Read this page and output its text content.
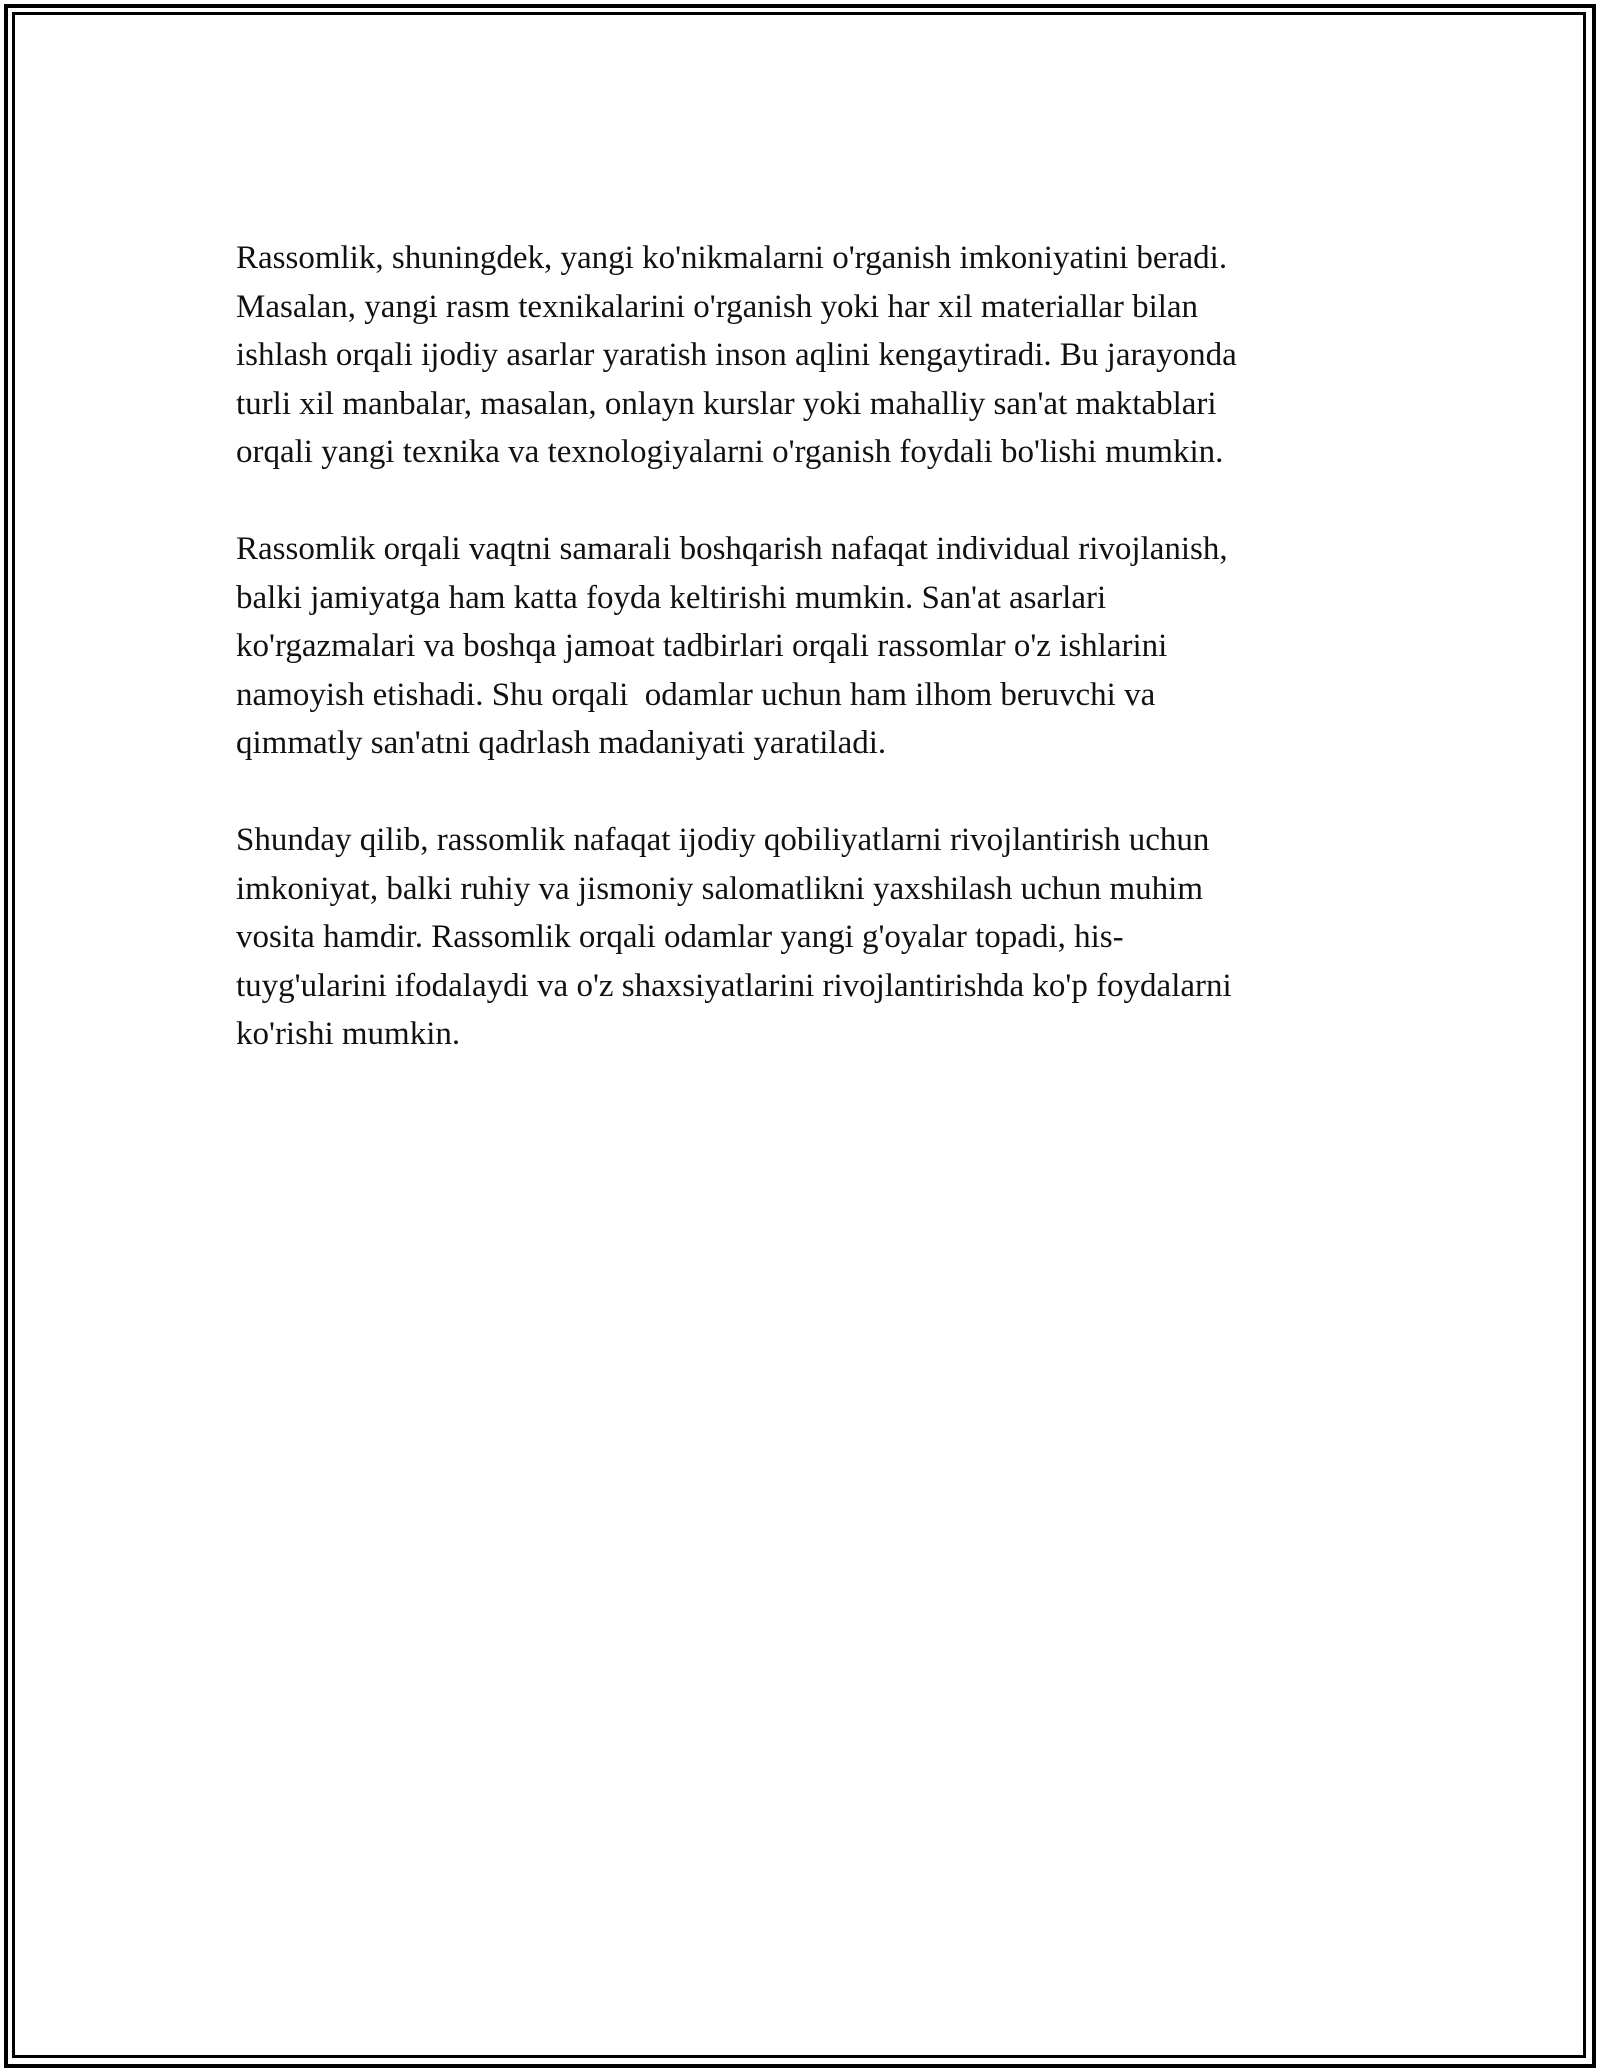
Rassomlik, shuningdek, yangi ko'nikmalarni o'rganish imkoniyatini beradi.
Masalan, yangi rasm texnikalarini o'rganish yoki har xil materiallar bilan
ishlash orqali ijodiy asarlar yaratish inson aqlini kengaytiradi. Bu jarayonda
turli xil manbalar, masalan, onlayn kurslar yoki mahalliy san'at maktablari
orqali yangi texnika va texnologiyalarni o'rganish foydali bo'lishi mumkin.

Rassomlik orqali vaqtni samarali boshqarish nafaqat individual rivojlanish,
balki jamiyatga ham katta foyda keltirishi mumkin. San'at asarlari
ko'rgazmalari va boshqa jamoat tadbirlari orqali rassomlar o'z ishlarini
namoyish etishadi. Shu orqali  odamlar uchun ham ilhom beruvchi va
qimmatly san'atni qadrlash madaniyati yaratiladi.

Shunday qilib, rassomlik nafaqat ijodiy qobiliyatlarni rivojlantirish uchun
imkoniyat, balki ruhiy va jismoniy salomatlikni yaxshilash uchun muhim
vosita hamdir. Rassomlik orqali odamlar yangi g'oyalar topadi, his-
tuyg'ularini ifodalaydi va o'z shaxsiyatlarini rivojlantirishda ko'p foydalarni
ko'rishi mumkin.
